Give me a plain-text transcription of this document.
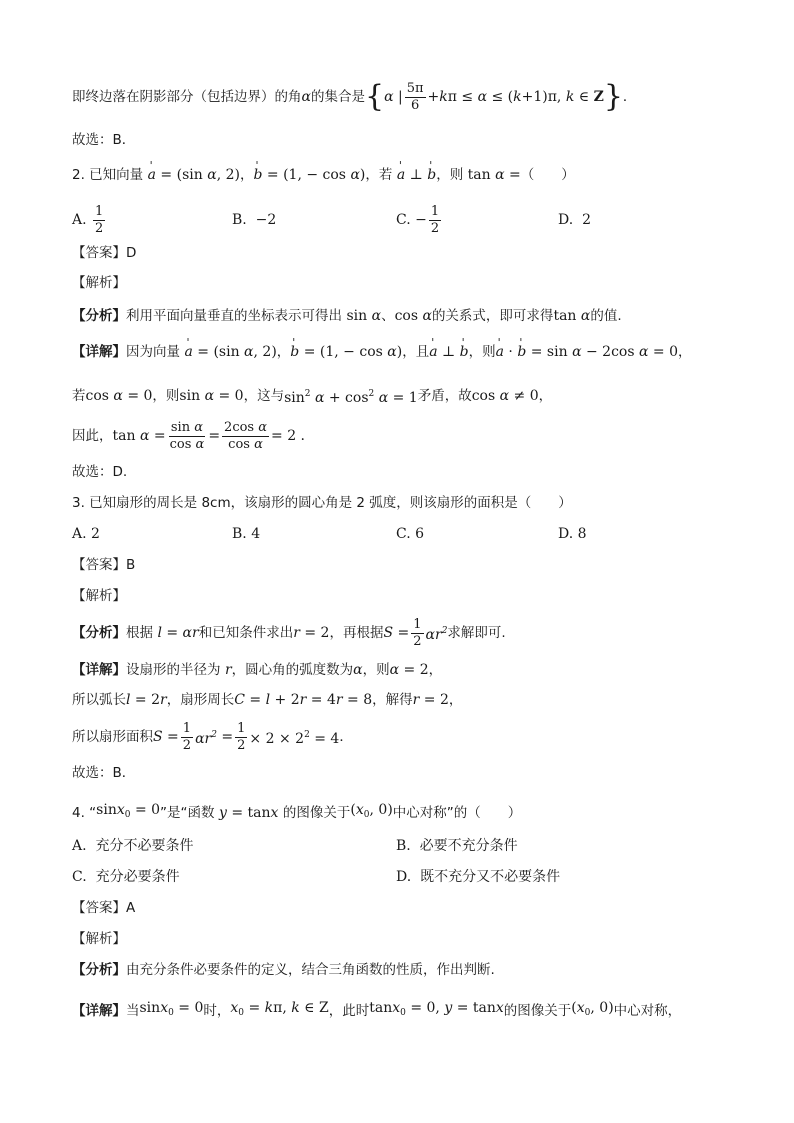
即终边落在阴影部分（包括边界）的角 α 的集合是 { α | $\frac{5\pi}{6} +k\pi \le \alpha \le (k+1)\pi$, k ∈ Z } ．
故选：B．
2. 已知向量 ' a = (sin α, 2) ， ' b = (1, − cos α) ，若 ' a ⊥ ' b ，则 tan α = （　　）
A.
$\frac{1}{2}$	B.
−2	C.
− $\frac{1}{2}$	D.
2
【答案】D
【解析】
【分析】 利用平面向量垂直的坐标表示可得出 sin α 、 cos α 的关系式，即可求得 tan α 的值.
【详解】 因为向量 ' a = (sin α, 2) ， ' b = (1, − cos α) ，且 ' a ⊥ ' b ，则 ' a · ' b = sin α − 2cos α = 0 ，
若 cos α = 0 ，则 sin α = 0 ，这与 $\sin^2 \alpha + \cos^2 \alpha = 1$ 矛盾，故 cos α ≠ 0 ，
因此， $\tan \alpha = \frac{\text{sin α}}{\text{cos α}} = \frac{\text{2cos α}}{\text{cos α}} = 2$ .
故选：D.
3. 已知扇形的周长是 8cm，该扇形的圆心角是 2 弧度，则该扇形的面积是（　　）
A.
2	B.
4	C.
6	D.
8
【答案】B
【解析】
【分析】 根据 l = αr 和已知条件求出 r = 2 ，再根据 $S = \frac{1}{2} \alpha r^2$ 求解即可.
【详解】 设扇形的半径为 r ，圆心角的弧度数为 α ，则 α = 2 ，
所以弧长 l = 2r ，扇形周长 C = l + 2r = 4r = 8 ，解得 r = 2 ，
所以扇形面积 $S = \frac{1}{2} \alpha r^2 = \frac{1}{2} \times 2 \times 2^2 = 4$ ．
故选：B．
4. “ sinx$_0$ = 0 ”是“函数 y = tanx 的图像关于 ($x_0$, 0) 中心对称”的（　　）
A.
充分不必要条件	B.
必要不充分条件
C.
充分必要条件	D.
既不充分又不必要条件
【答案】A
【解析】
【分析】 由充分条件必要条件的定义，结合三角函数的性质，作出判断.
【详解】 当 sinx$_0$ = 0 时， $x_0 = k\pi$, k ∈ Z ，此时 tanx$_0$ = 0, y = tanx 的图像关于 ($x_0$, 0) 中心对称，
